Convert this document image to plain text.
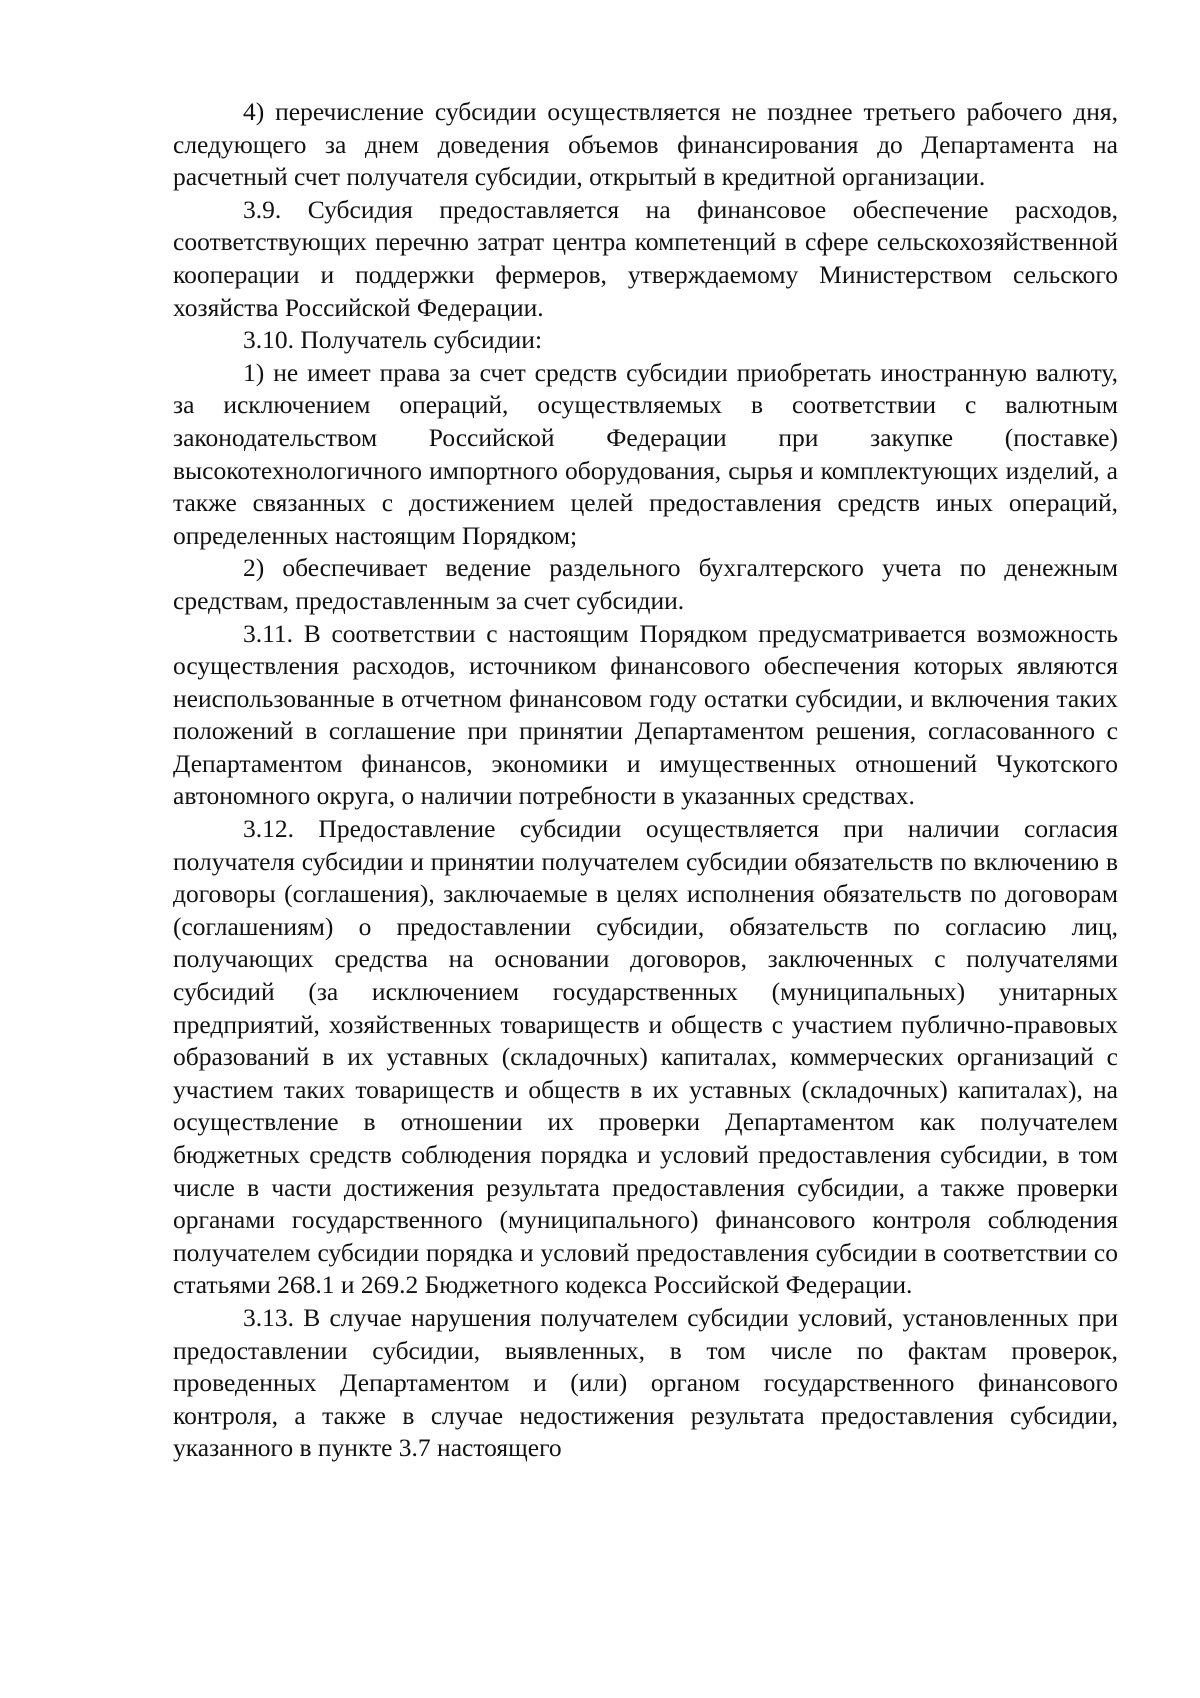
4) перечисление субсидии осуществляется не позднее третьего рабочего дня, следующего за днем доведения объемов финансирования до Департамента на расчетный счет получателя субсидии, открытый в кредитной организации.

3.9. Субсидия предоставляется на финансовое обеспечение расходов, соответствующих перечню затрат центра компетенций в сфере сельскохозяйственной кооперации и поддержки фермеров, утверждаемому Министерством сельского хозяйства Российской Федерации.

3.10. Получатель субсидии:

1) не имеет права за счет средств субсидии приобретать иностранную валюту, за исключением операций, осуществляемых в соответствии с валютным законодательством Российской Федерации при закупке (поставке) высокотехнологичного импортного оборудования, сырья и комплектующих изделий, а также связанных с достижением целей предоставления средств иных операций, определенных настоящим Порядком;

2) обеспечивает ведение раздельного бухгалтерского учета по денежным средствам, предоставленным за счет субсидии.

3.11. В соответствии с настоящим Порядком предусматривается возможность осуществления расходов, источником финансового обеспечения которых являются неиспользованные в отчетном финансовом году остатки субсидии, и включения таких положений в соглашение при принятии Департаментом решения, согласованного с Департаментом финансов, экономики и имущественных отношений Чукотского автономного округа, о наличии потребности в указанных средствах.

3.12. Предоставление субсидии осуществляется при наличии согласия получателя субсидии и принятии получателем субсидии обязательств по включению в договоры (соглашения), заключаемые в целях исполнения обязательств по договорам (соглашениям) о предоставлении субсидии, обязательств по согласию лиц, получающих средства на основании договоров, заключенных с получателями субсидий (за исключением государственных (муниципальных) унитарных предприятий, хозяйственных товариществ и обществ с участием публично-правовых образований в их уставных (складочных) капиталах, коммерческих организаций с участием таких товариществ и обществ в их уставных (складочных) капиталах), на осуществление в отношении их проверки Департаментом как получателем бюджетных средств соблюдения порядка и условий предоставления субсидии, в том числе в части достижения результата предоставления субсидии, а также проверки органами государственного (муниципального) финансового контроля соблюдения получателем субсидии порядка и условий предоставления субсидии в соответствии со статьями 268.1 и 269.2 Бюджетного кодекса Российской Федерации.

3.13. В случае нарушения получателем субсидии условий, установленных при предоставлении субсидии, выявленных, в том числе по фактам проверок, проведенных Департаментом и (или) органом государственного финансового контроля, а также в случае недостижения результата предоставления субсидии, указанного в пункте 3.7 настоящего
